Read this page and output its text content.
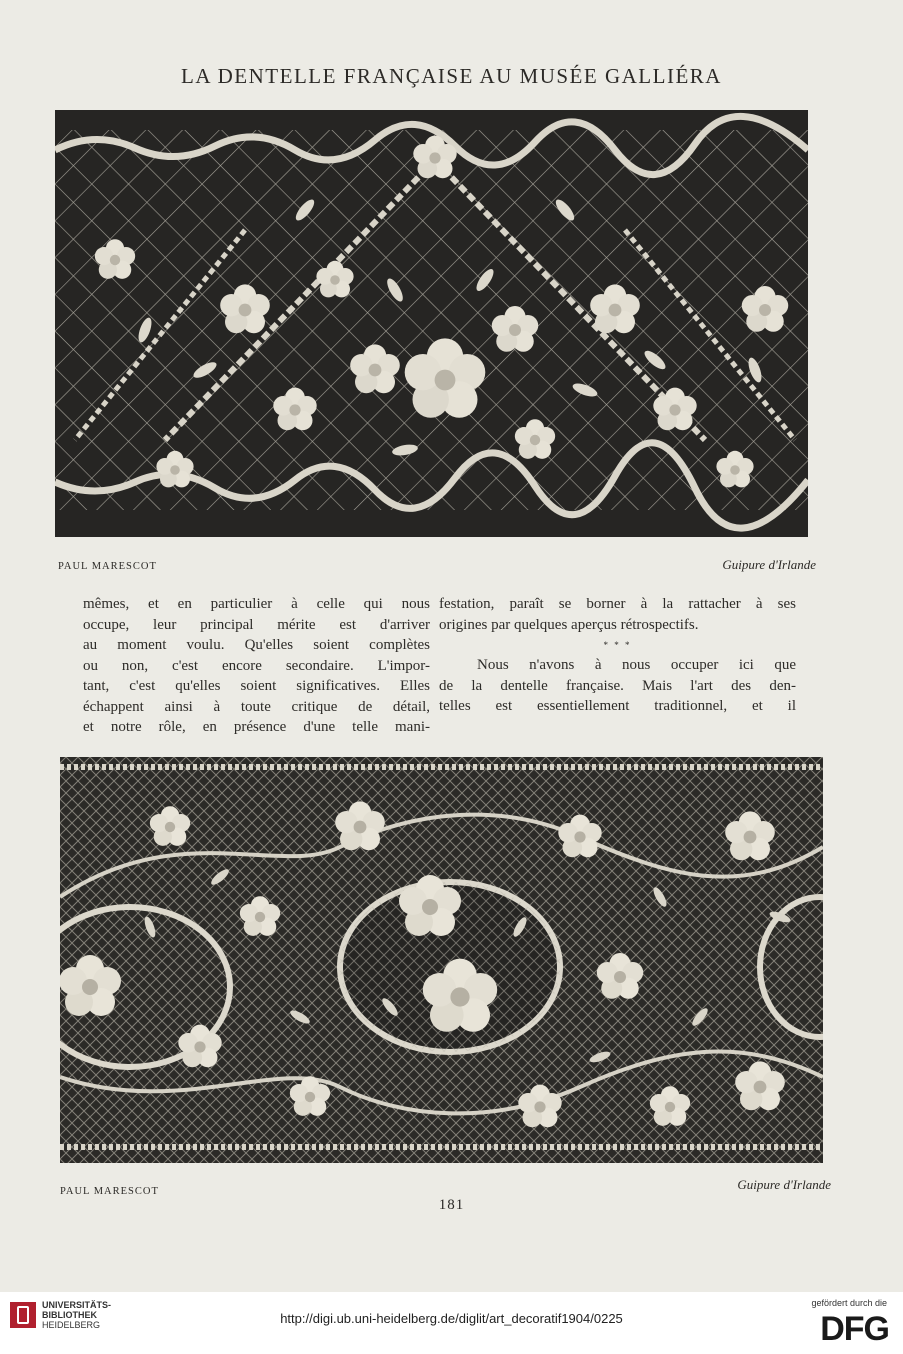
LA DENTELLE FRANÇAISE AU MUSÉE GALLIÉRA
PAUL MARESCOT	Guipure d'Irlande
mêmes, et en particulier à celle qui nous
occupe, leur principal mérite est d'arriver
au moment voulu. Qu'elles soient complètes
ou non, c'est encore secondaire. L'impor-
tant, c'est qu'elles soient significatives. Elles
échappent ainsi à toute critique de détail,
et notre rôle, en présence d'une telle mani-
festation, paraît se borner à la rattacher à ses
origines par quelques aperçus rétrospectifs.
* * *
Nous n'avons à nous occuper ici que
de la dentelle française. Mais l'art des den-
telles est essentiellement traditionnel, et il
PAUL MARESCOT	Guipure d'Irlande
181
UNIVERSITÄTS-
BIBLIOTHEK
HEIDELBERG	http://digi.ub.uni-heidelberg.de/diglit/art_decoratif1904/0225
gefördert durch die
DFG
